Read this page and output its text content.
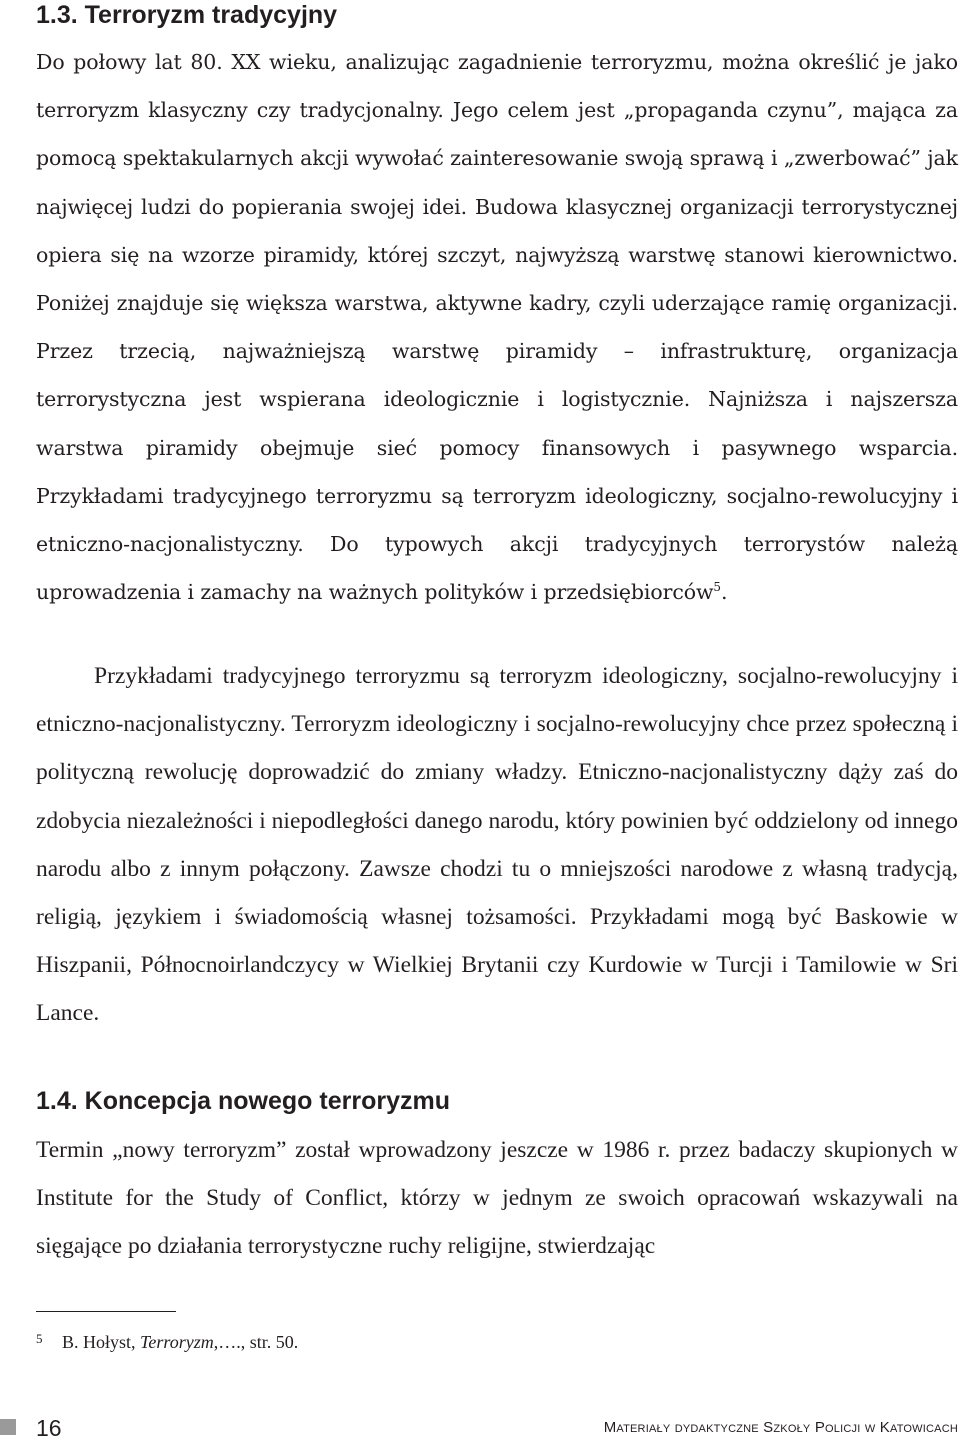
1.3. Terroryzm tradycyjny

Do połowy lat 80. XX wieku, analizując zagadnienie terroryzmu, można określić je jako terroryzm klasyczny czy tradycjonalny. Jego celem jest „propaganda czynu”, mająca za pomocą spektakularnych akcji wywołać zainteresowanie swoją sprawą i „zwerbować” jak najwięcej ludzi do popierania swojej idei. Budowa klasycznej organizacji terrorystycznej opiera się na wzorze piramidy, której szczyt, najwyższą warstwę stanowi kierownictwo. Poniżej znajduje się większa warstwa, aktywne kadry, czyli uderzające ramię organizacji. Przez trzecią, najważniejszą warstwę piramidy – infrastrukturę, organizacja terrorystyczna jest wspierana ideologicznie i logistycznie. Najniższa i najszersza warstwa piramidy obejmuje sieć pomocy finansowych i pasywnego wsparcia. Przykładami tradycyjnego terroryzmu są terroryzm ideologiczny, socjalno-rewolucyjny i etniczno-nacjonalistyczny. Do typowych akcji tradycyjnych terrorystów należą uprowadzenia i zamachy na ważnych polityków i przedsiębiorców$^5$.

Przykładami tradycyjnego terroryzmu są terroryzm ideologiczny, socjalno-rewolucyjny i etniczno-nacjonalistyczny. Terroryzm ideologiczny i socjalno-rewolucyjny chce przez społeczną i polityczną rewolucję doprowadzić do zmiany władzy. Etniczno-nacjonalistyczny dąży zaś do zdobycia niezależności i niepodległości danego narodu, który powinien być oddzielony od innego narodu albo z innym połączony. Zawsze chodzi tu o mniejszości narodowe z własną tradycją, religią, językiem i świadomością własnej tożsamości. Przykładami mogą być Baskowie w Hiszpanii, Północnoirlandczycy w Wielkiej Brytanii czy Kurdowie w Turcji i Tamilowie w Sri Lance.

1.4. Koncepcja nowego terroryzmu

Termin „nowy terroryzm” został wprowadzony jeszcze w 1986 r. przez badaczy skupionych w Institute for the Study of Conflict, którzy w jednym ze swoich opracowań wskazywali na sięgające po działania terrorystyczne ruchy religijne, stwierdzając

5 B. Hołyst, Terroryzm,…., str. 50.
16	Materiały dydaktyczne Szkoły Policji w Katowicach
